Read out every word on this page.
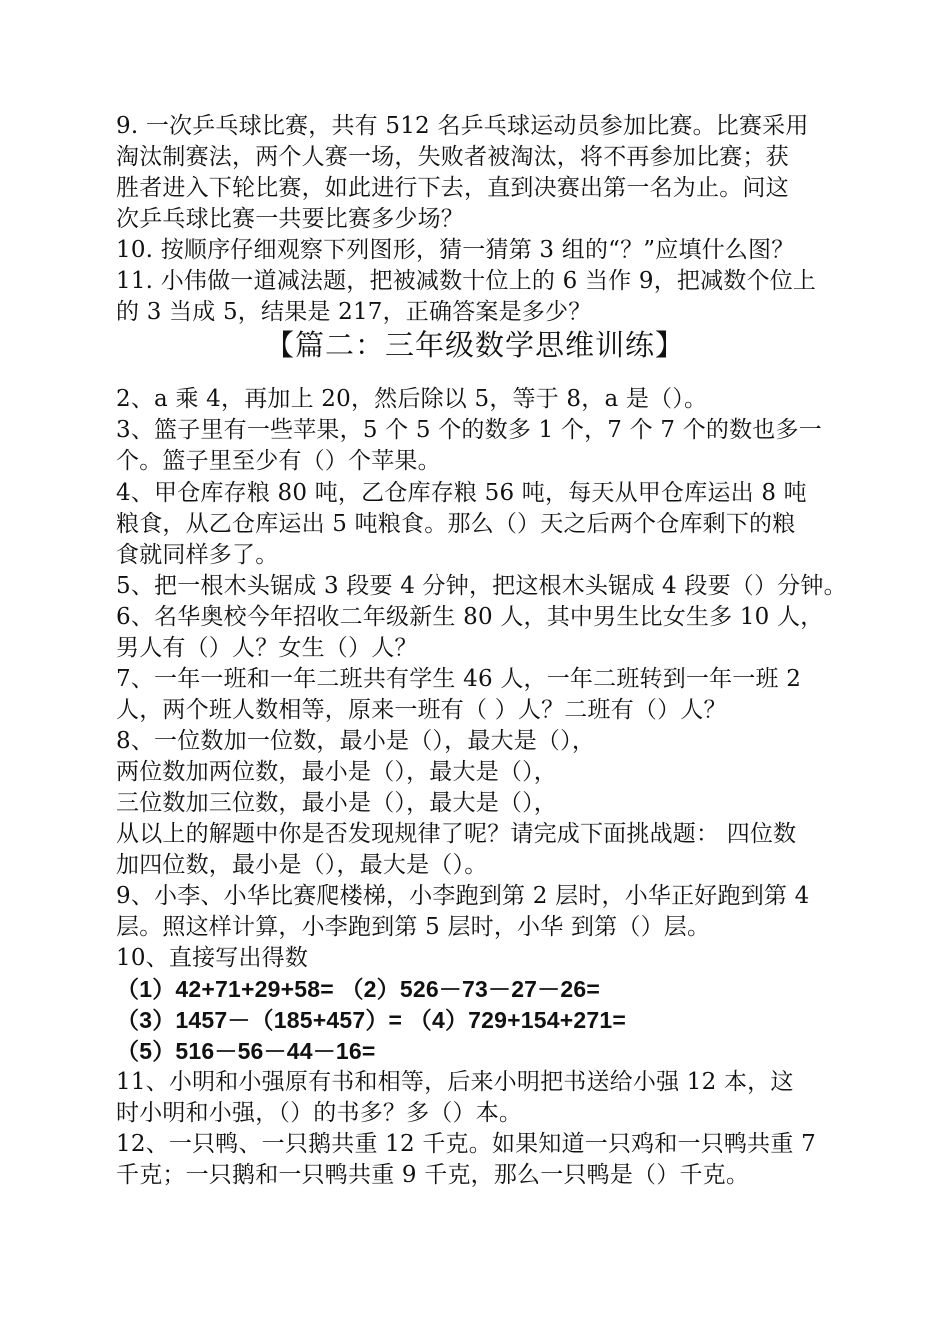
9. 一次乒乓球比赛，共有 512 名乒乓球运动员参加比赛。比赛采用
淘汰制赛法，两个人赛一场，失败者被淘汰，将不再参加比赛；获
胜者进入下轮比赛，如此进行下去，直到决赛出第一名为止。问这
次乒乓球比赛一共要比赛多少场？
10. 按顺序仔细观察下列图形，猜一猜第 3 组的“？”应填什么图？
11. 小伟做一道减法题，把被减数十位上的 6 当作 9，把减数个位上
的 3 当成 5，结果是 217，正确答案是多少？
【篇二：三年级数学思维训练】
2、a 乘 4，再加上 20，然后除以 5，等于 8，a 是（）。
3、篮子里有一些苹果，5 个 5 个的数多 1 个，7 个 7 个的数也多一
个。篮子里至少有（）个苹果。
4、甲仓库存粮 80 吨，乙仓库存粮 56 吨，每天从甲仓库运出 8 吨
粮食，从乙仓库运出 5 吨粮食。那么（）天之后两个仓库剩下的粮
食就同样多了。
5、把一根木头锯成 3 段要 4 分钟，把这根木头锯成 4 段要（）分钟。
6、名华奥校今年招收二年级新生 80 人，其中男生比女生多 10 人，
男人有（）人？女生（）人？
7、一年一班和一年二班共有学生 46 人，一年二班转到一年一班 2
人，两个班人数相等，原来一班有（ ）人？二班有（）人？
8、一位数加一位数，最小是（），最大是（），
两位数加两位数，最小是（），最大是（），
三位数加三位数，最小是（），最大是（），
从以上的解题中你是否发现规律了呢？请完成下面挑战题： 四位数
加四位数，最小是（），最大是（）。
9、小李、小华比赛爬楼梯，小李跑到第 2 层时，小华正好跑到第 4
层。照这样计算，小李跑到第 5 层时，小华 到第（）层。
10、直接写出得数
（1）42+71+29+58= （2）526－73－27－26=
（3）1457－（185+457）= （4）729+154+271=
（5）516－56－44－16=
11、小明和小强原有书和相等，后来小明把书送给小强 12 本，这
时小明和小强，（）的书多？多（）本。
12、一只鸭、一只鹅共重 12 千克。如果知道一只鸡和一只鸭共重 7
千克；一只鹅和一只鸭共重 9 千克，那么一只鸭是（）千克。
